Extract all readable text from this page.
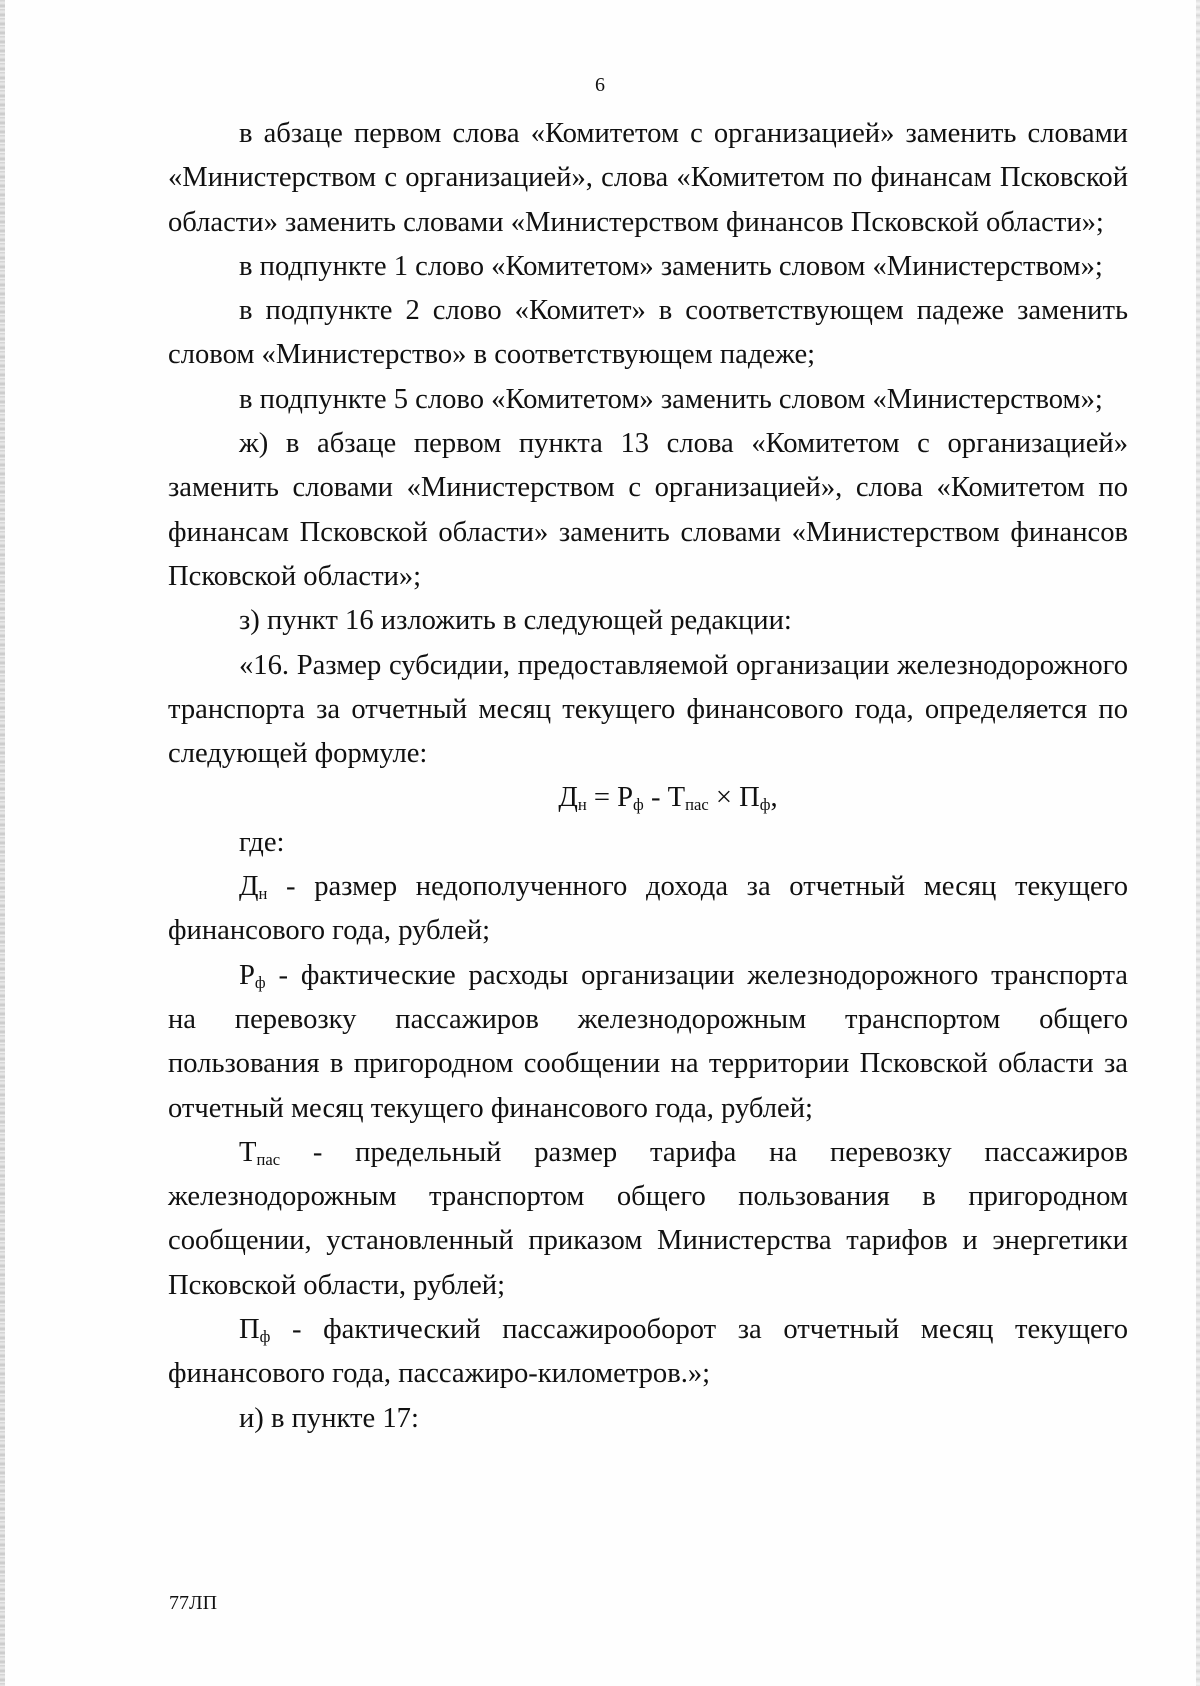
6

в абзаце первом слова «Комитетом с организацией» заменить словами «Министерством с организацией», слова «Комитетом по финансам Псковской области» заменить словами «Министерством финансов Псковской области»;

в подпункте 1 слово «Комитетом» заменить словом «Министерством»;

в подпункте 2 слово «Комитет» в соответствующем падеже заменить словом «Министерство» в соответствующем падеже;

в подпункте 5 слово «Комитетом» заменить словом «Министерством»;

ж) в абзаце первом пункта 13 слова «Комитетом с организацией» заменить словами «Министерством с организацией», слова «Комитетом по финансам Псковской области» заменить словами «Министерством финансов Псковской области»;

з) пункт 16 изложить в следующей редакции:

«16. Размер субсидии, предоставляемой организации железнодорожного транспорта за отчетный месяц текущего финансового года, определяется по следующей формуле:

$Д_н = Р_ф - Т_{пас} \times П_ф$,

где:

$Д_н$ - размер недополученного дохода за отчетный месяц текущего финансового года, рублей;

$Р_ф$ - фактические расходы организации железнодорожного транспорта на перевозку пассажиров железнодорожным транспортом общего пользования в пригородном сообщении на территории Псковской области за отчетный месяц текущего финансового года, рублей;

$Т_{пас}$ - предельный размер тарифа на перевозку пассажиров железнодорожным транспортом общего пользования в пригородном сообщении, установленный приказом Министерства тарифов и энергетики Псковской области, рублей;

$П_ф$ - фактический пассажирооборот за отчетный месяц текущего финансового года, пассажиро-километров.»;

и) в пункте 17:

77ЛП
